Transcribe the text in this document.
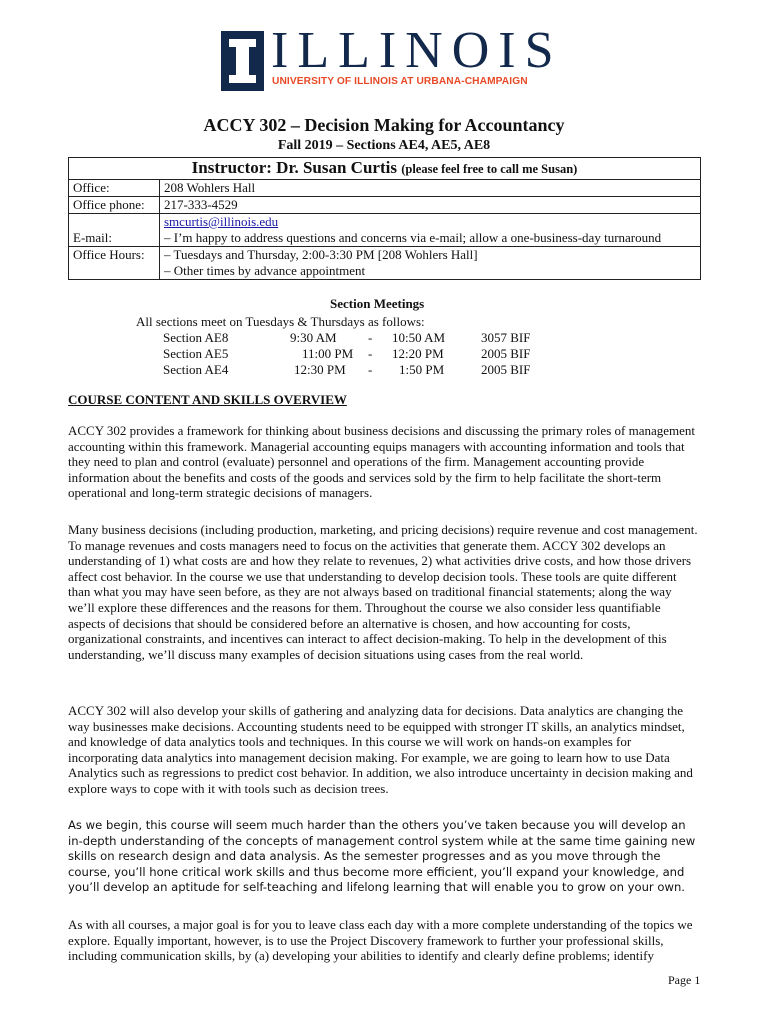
ILLINOIS
UNIVERSITY OF ILLINOIS AT URBANA-CHAMPAIGN
ACCY 302 – Decision Making for Accountancy
Fall 2019 – Sections AE4, AE5, AE8
Instructor: Dr. Susan Curtis (please feel free to call me Susan)	
Office:	208 Wohlers Hall
Office phone:	217-333-4529
E-mail:	smcurtis@illinois.edu
– I’m happy to address questions and concerns via e-mail; allow a one-business-day turnaround
Office Hours:	– Tuesdays and Thursday, 2:00-3:30 PM [208 Wohlers Hall]
– Other times by advance appointment
Section Meetings
All sections meet on Tuesdays & Thursdays as follows:
Section AE8	9:30 AM - 10:50 AM	3057 BIF
Section AE5	11:00 PM - 12:20 PM	2005 BIF
Section AE4	12:30 PM - 1:50 PM	2005 BIF
COURSE CONTENT AND SKILLS OVERVIEW
ACCY 302 provides a framework for thinking about business decisions and discussing the primary roles of management accounting within this framework. Managerial accounting equips managers with accounting information and tools that they need to plan and control (evaluate) personnel and operations of the firm. Management accounting provide information about the benefits and costs of the goods and services sold by the firm to help facilitate the short-term operational and long-term strategic decisions of managers.
Many business decisions (including production, marketing, and pricing decisions) require revenue and cost management. To manage revenues and costs managers need to focus on the activities that generate them. ACCY 302 develops an understanding of 1) what costs are and how they relate to revenues, 2) what activities drive costs, and how those drivers affect cost behavior. In the course we use that understanding to develop decision tools. These tools are quite different than what you may have seen before, as they are not always based on traditional financial statements; along the way we’ll explore these differences and the reasons for them. Throughout the course we also consider less quantifiable aspects of decisions that should be considered before an alternative is chosen, and how accounting for costs, organizational constraints, and incentives can interact to affect decision-making. To help in the development of this understanding, we’ll discuss many examples of decision situations using cases from the real world.
ACCY 302 will also develop your skills of gathering and analyzing data for decisions. Data analytics are changing the way businesses make decisions. Accounting students need to be equipped with stronger IT skills, an analytics mindset, and knowledge of data analytics tools and techniques. In this course we will work on hands-on examples for incorporating data analytics into management decision making. For example, we are going to learn how to use Data Analytics such as regressions to predict cost behavior. In addition, we also introduce uncertainty in decision making and explore ways to cope with it with tools such as decision trees.
As we begin, this course will seem much harder than the others you’ve taken because you will develop an in-depth understanding of the concepts of management control system while at the same time gaining new skills on research design and data analysis. As the semester progresses and as you move through the course, you’ll hone critical work skills and thus become more efficient, you’ll expand your knowledge, and you’ll develop an aptitude for self-teaching and lifelong learning that will enable you to grow on your own.
As with all courses, a major goal is for you to leave class each day with a more complete understanding of the topics we explore. Equally important, however, is to use the Project Discovery framework to further your professional skills, including communication skills, by (a) developing your abilities to identify and clearly define problems; identify
Page 1
